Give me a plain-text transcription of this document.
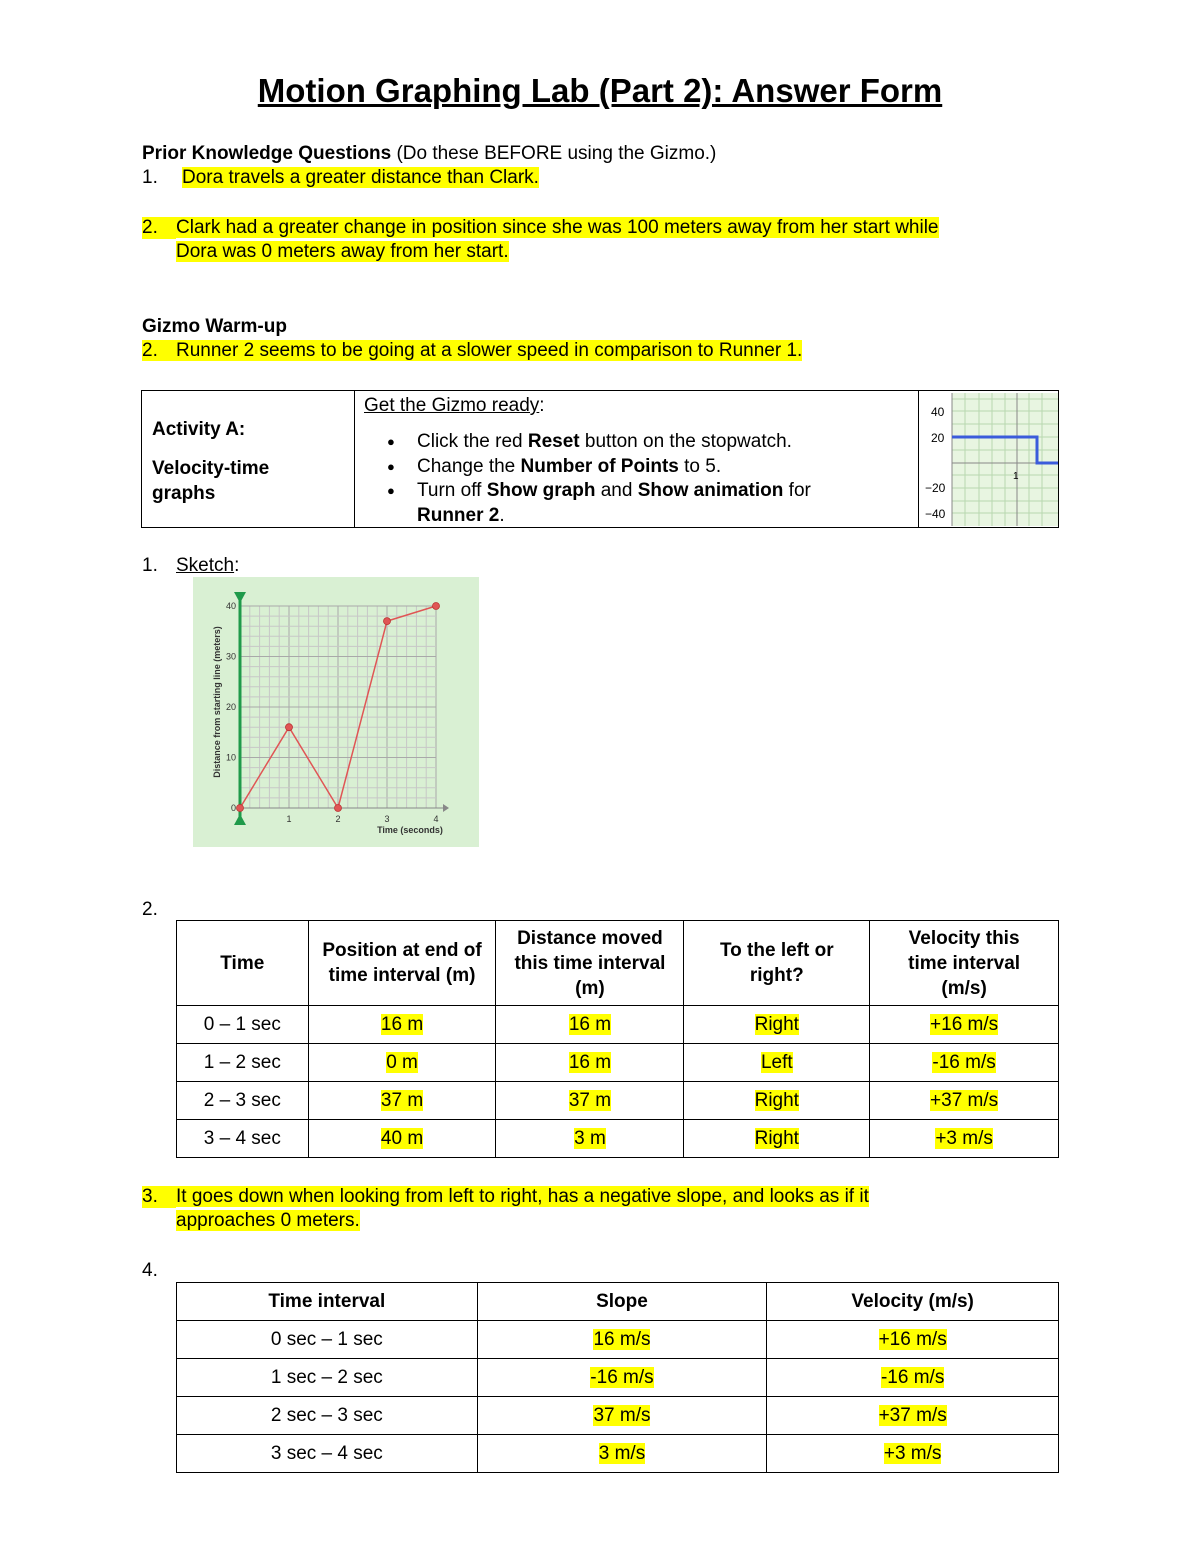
Motion Graphing Lab (Part 2): Answer Form
Prior Knowledge Questions (Do these BEFORE using the Gizmo.)
1. Dora travels a greater distance than Clark.
2. Clark had a greater change in position since she was 100 meters away from her start while
Dora was 0 meters away from her start.
Gizmo Warm-up
2. Runner 2 seems to be going at a slower speed in comparison to Runner 1.
Activity A:
Velocity-time graphs
Get the Gizmo ready:
● Click the red Reset button on the stopwatch.
● Change the Number of Points to 5.
● Turn off Show graph and Show animation for
Runner 2.
40
20
−20
−40
1
1. Sketch:
1	2	3	4
0
10
20
30
40
Distance from starting line (meters)
Time (seconds)
2.
Time	Position at end of time interval (m)	Distance moved this time interval (m)	To the left or right?	Velocity this time interval (m/s)

0 – 1 sec	16 m	16 m	Right	+16 m/s
1 – 2 sec	0 m	16 m	Left	-16 m/s
2 – 3 sec	37 m	37 m	Right	+37 m/s
3 – 4 sec	40 m	3 m	Right	+3 m/s
3. It goes down when looking from left to right, has a negative slope, and looks as if it
approaches 0 meters.
4.
Time interval	Slope	Velocity (m/s)
0 sec – 1 sec	16 m/s	+16 m/s
1 sec – 2 sec	-16 m/s	-16 m/s
2 sec – 3 sec	37 m/s	+37 m/s
3 sec – 4 sec	3 m/s	+3 m/s
